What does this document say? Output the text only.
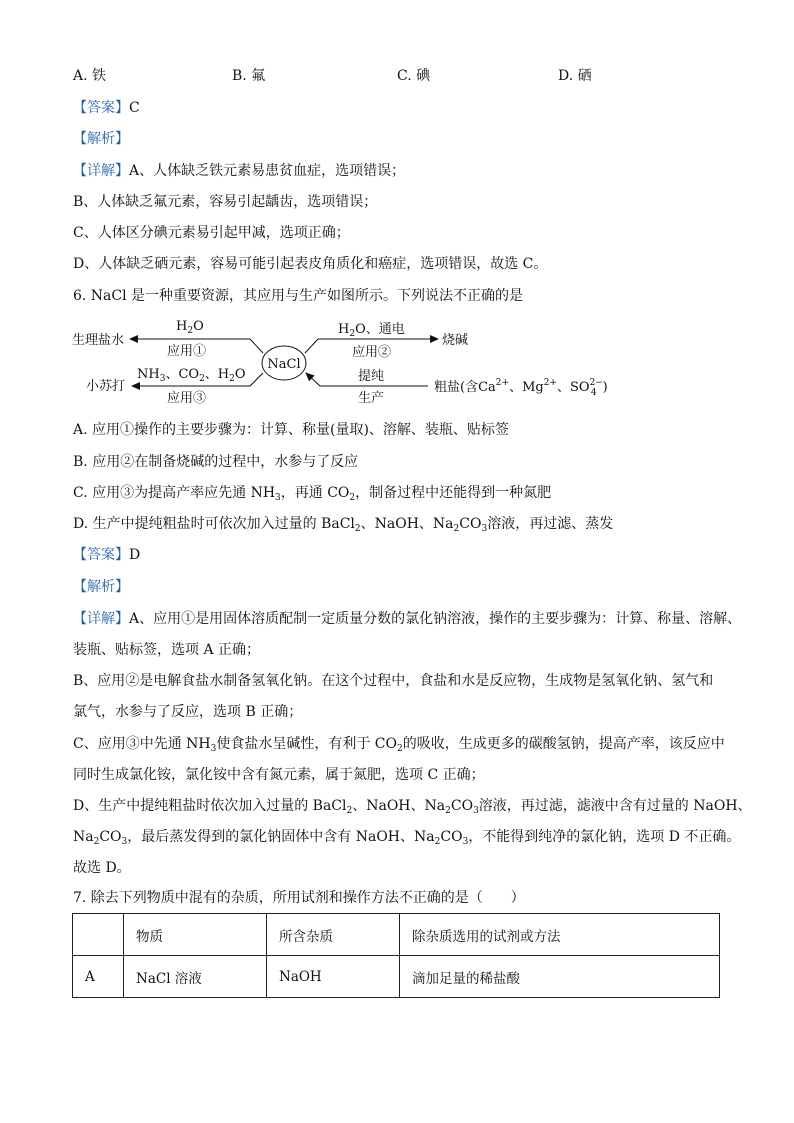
A. 铁	B. 氟	C. 碘	D. 硒
【答案】C
【解析】
【详解】A、人体缺乏铁元素易患贫血症，选项错误；
B、人体缺乏氟元素，容易引起龋齿，选项错误；
C、人体区分碘元素易引起甲减，选项正确；
D、人体缺乏硒元素，容易可能引起表皮角质化和癌症，选项错误，故选 C。
6. NaCl 是一种重要资源，其应用与生产如图所示。下列说法不正确的是
NaCl
生理盐水
$H_2O$
应用①
小苏打
$NH_3$、$CO_2$、$H_2O$
应用③
烧碱
$H_2O$、通电
应用②
提纯
生产
粗盐(含$Ca^{2+}$、$Mg^{2+}$、$SO^{2-}$ 4 )
A. 应用①操作的主要步骤为：计算、称量(量取)、溶解、装瓶、贴标签
B. 应用②在制备烧碱的过程中，水参与了反应
C. 应用③为提高产率应先通 $NH_3$，再通 $CO_2$，制备过程中还能得到一种氮肥
D. 生产中提纯粗盐时可依次加入过量的 BaCl$_2$、NaOH、$Na_2CO_3$溶液，再过滤、蒸发
【答案】D
【解析】
【详解】A、应用①是用固体溶质配制一定质量分数的氯化钠溶液，操作的主要步骤为：计算、称量、溶解、
装瓶、贴标签，选项 A 正确；
B、应用②是电解食盐水制备氢氧化钠。在这个过程中，食盐和水是反应物，生成物是氢氧化钠、氢气和
氯气，水参与了反应，选项 B 正确；
C、应用③中先通 $NH_3$使食盐水呈碱性，有利于 $CO_2$的吸收，生成更多的碳酸氢钠，提高产率，该反应中
同时生成氯化铵，氯化铵中含有氮元素，属于氮肥，选项 C 正确；
D、生产中提纯粗盐时依次加入过量的 BaCl$_2$、NaOH、$Na_2CO_3$溶液，再过滤，滤液中含有过量的 NaOH、
$Na_2CO_3$，最后蒸发得到的氯化钠固体中含有 NaOH、$Na_2CO_3$，不能得到纯净的氯化钠，选项 D 不正确。
故选 D。
7. 除去下列物质中混有的杂质，所用试剂和操作方法不正确的是（　　）
	物质	所含杂质	除杂质选用的试剂或方法
A	NaCl 溶液	NaOH	滴加足量的稀盐酸
